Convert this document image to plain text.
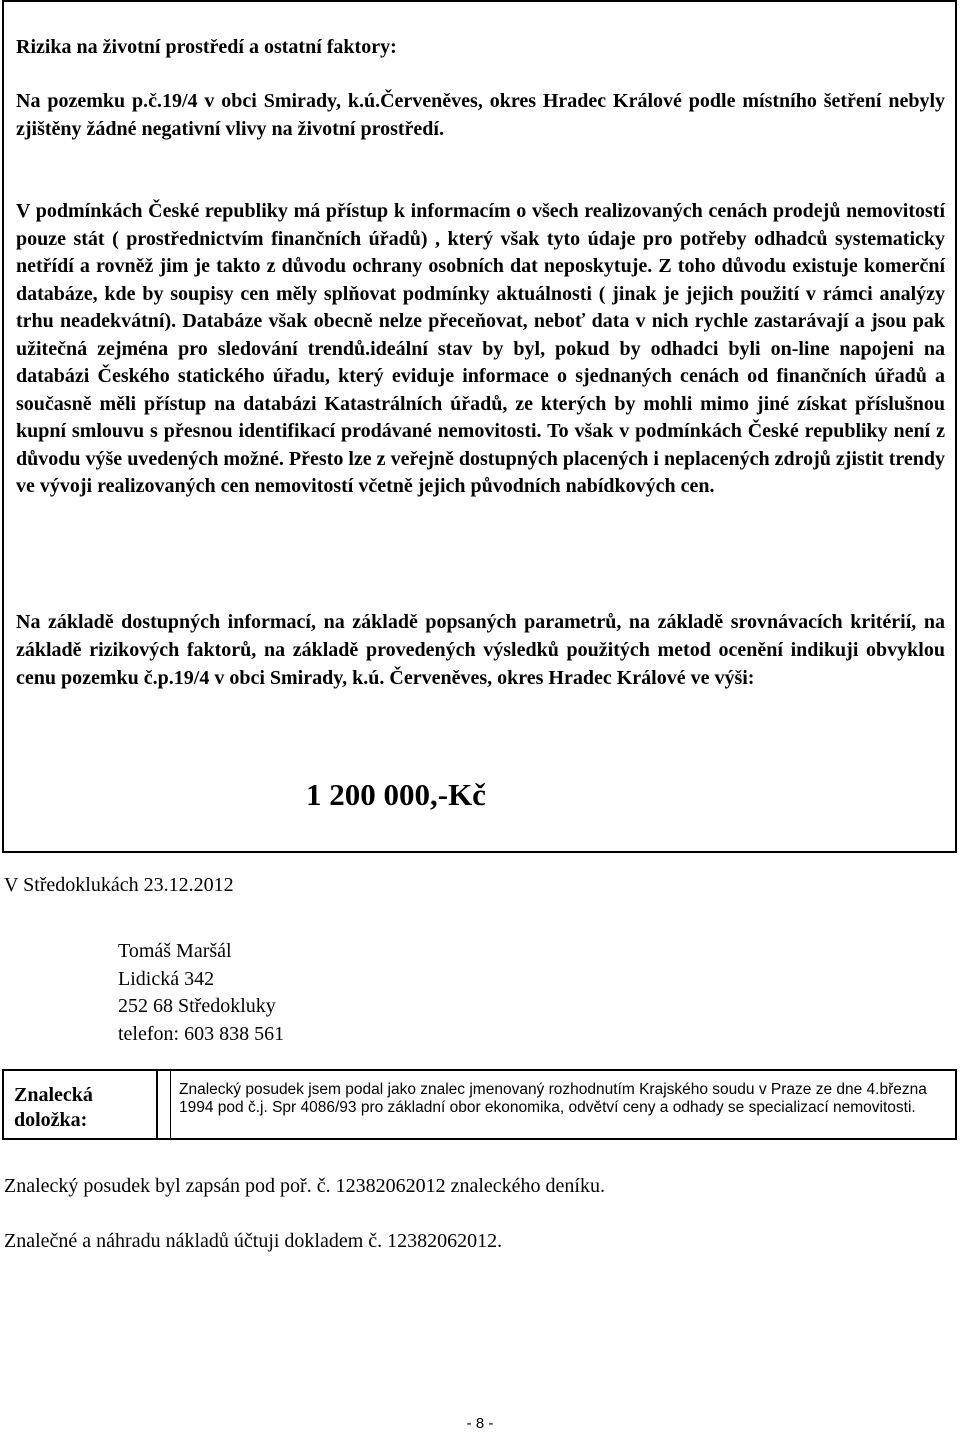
Rizika na životní prostředí a ostatní faktory:
Na pozemku p.č.19/4 v obci Smirady, k.ú.Červeněves, okres Hradec Králové podle místního šetření nebyly zjištěny žádné negativní vlivy na životní prostředí.
V podmínkách České republiky má přístup k informacím o všech realizovaných cenách prodejů nemovitostí pouze stát ( prostřednictvím finančních úřadů) , který však tyto údaje pro potřeby odhadců systematicky netřídí a rovněž jim je takto z důvodu ochrany osobních dat neposkytuje. Z toho důvodu existuje komerční databáze, kde by soupisy cen měly splňovat podmínky aktuálnosti ( jinak je jejich použití v rámci analýzy trhu neadekvátní). Databáze však obecně nelze přeceňovat, neboť data v nich rychle zastarávají a jsou pak užitečná zejména pro sledování trendů.ideální stav by byl, pokud by odhadci byli on-line napojeni na databázi Českého statického úřadu, který eviduje informace o sjednaných cenách od finančních úřadů a současně měli přístup na databázi Katastrálních úřadů, ze kterých by mohli mimo jiné získat příslušnou kupní smlouvu s přesnou identifikací prodávané nemovitosti. To však v podmínkách České republiky není z důvodu výše uvedených možné. Přesto lze z veřejně dostupných placených i neplacených zdrojů zjistit trendy ve vývoji realizovaných cen nemovitostí včetně jejich původních nabídkových cen.
Na základě dostupných informací, na základě popsaných parametrů, na základě srovnávacích kritérií, na základě rizikových faktorů, na základě provedených výsledků použitých metod ocenění indikuji obvyklou cenu pozemku č.p.19/4 v obci Smirady, k.ú. Červeněves, okres Hradec Králové ve výši:
1 200 000,-Kč
V Středoklukách 23.12.2012
Tomáš Maršál
Lidická 342
252 68 Středokluky
telefon: 603 838 561
Znalecká
doložka:
Znalecký posudek jsem podal jako znalec jmenovaný rozhodnutím Krajského soudu v Praze ze dne 4.března 1994 pod č.j. Spr 4086/93 pro základní obor ekonomika, odvětví ceny a odhady se specializací nemovitosti.
Znalecký posudek byl zapsán pod poř. č. 12382062012 znaleckého deníku.
Znalečné a náhradu nákladů účtuji dokladem č. 12382062012.
- 8 -
